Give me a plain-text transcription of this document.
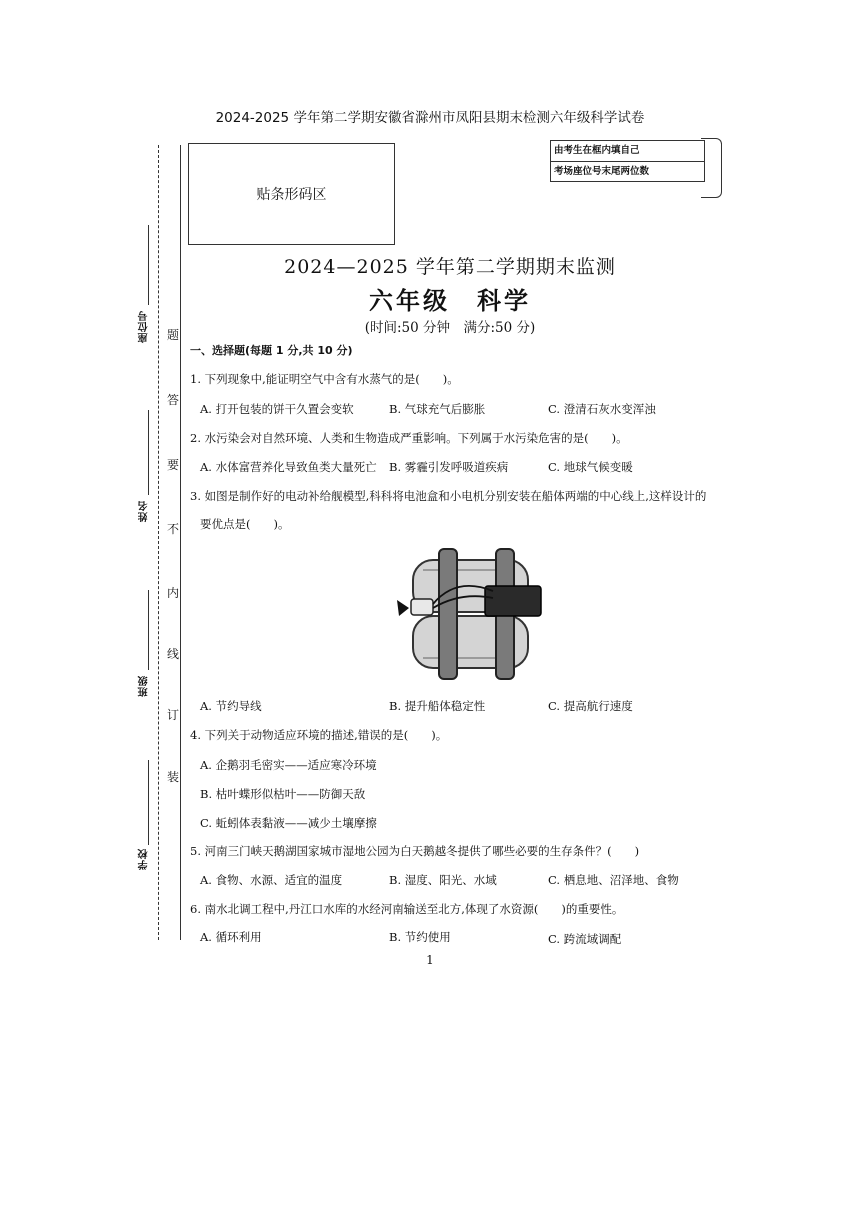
2024-2025 学年第二学期安徽省滁州市凤阳县期末检测六年级科学试卷
座位号
姓名
班级
学校
题
答
要
不
内
线
订
装
贴条形码区
由考生在框内填自己
考场座位号末尾两位数
2024—2025 学年第二学期期末监测
六年级　科学
(时间:50 分钟　满分:50 分)
一、选择题(每题 1 分,共 10 分)
1. 下列现象中,能证明空气中含有水蒸气的是(　　)。
A. 打开包装的饼干久置会变软	B. 气球充气后膨胀	C. 澄清石灰水变浑浊
2. 水污染会对自然环境、人类和生物造成严重影响。下列属于水污染危害的是(　　)。
A. 水体富营养化导致鱼类大量死亡 B. 雾霾引发呼吸道疾病	C. 地球气候变暖
3. 如图是制作好的电动补给舰模型,科科将电池盒和小电机分别安装在船体两端的中心线上,这样设计的
要优点是(　　)。
A. 节约导线	B. 提升船体稳定性	C. 提高航行速度
4. 下列关于动物适应环境的描述,错误的是(　　)。
A. 企鹅羽毛密实——适应寒冷环境
B. 枯叶蝶形似枯叶——防御天敌
C. 蚯蚓体表黏液——减少土壤摩擦
5. 河南三门峡天鹅湖国家城市湿地公园为白天鹅越冬提供了哪些必要的生存条件？(　　)
A. 食物、水源、适宜的温度	B. 湿度、阳光、水域	C. 栖息地、沼泽地、食物
6. 南水北调工程中,丹江口水库的水经河南输送至北方,体现了水资源(　　)的重要性。
A. 循环利用	B. 节约使用	C. 跨流域调配
1
